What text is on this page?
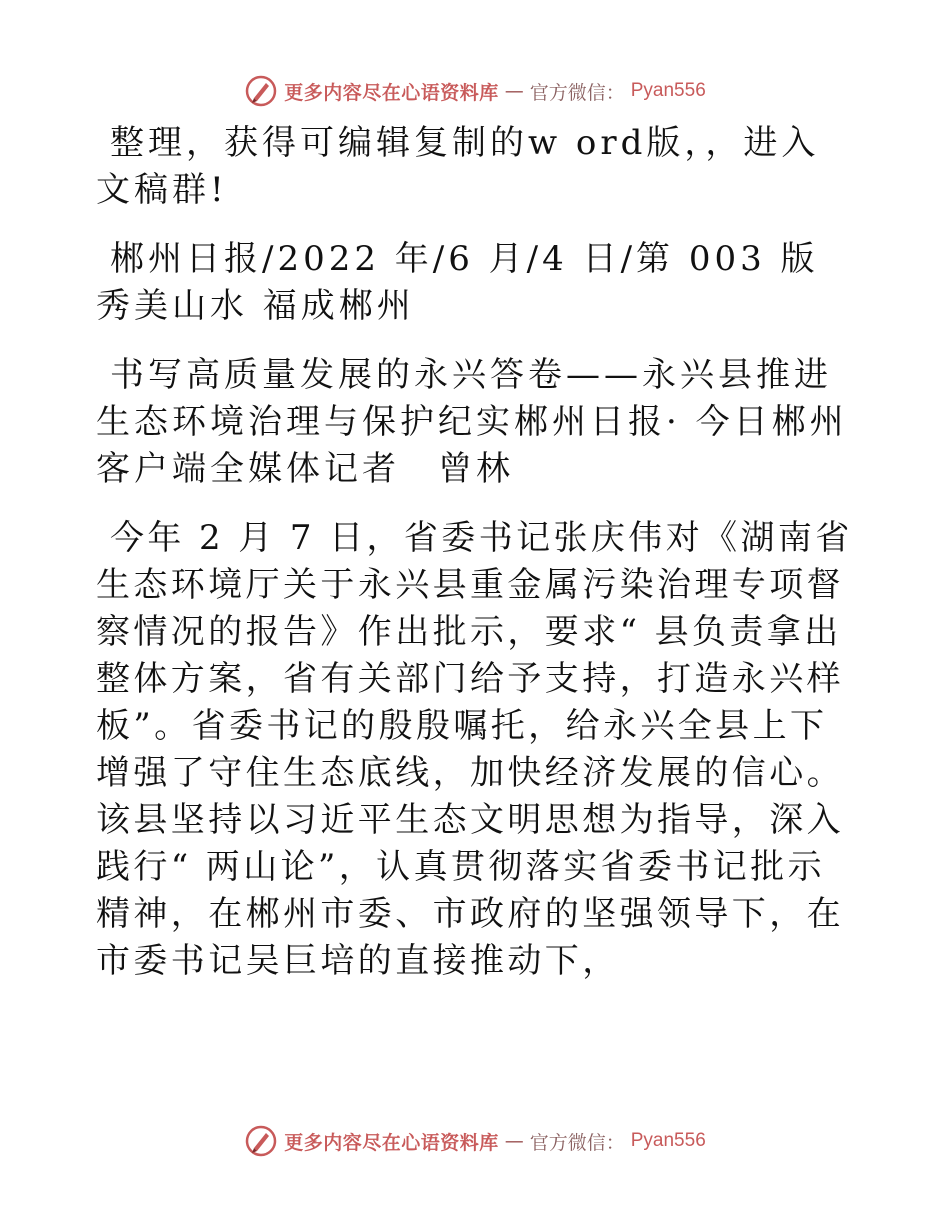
更多内容尽在心语资料库 — 官方微信： Pyan556

整理，获得可编辑复制的w ord版，，进入文稿群!

郴州日报/2022 年/6 月/4 日/第 003 版秀美山水 福成郴州

书写高质量发展的永兴答卷——永兴县推进生态环境治理与保护纪实郴州日报· 今日郴州客户端全媒体记者　曾林

今年 2 月 7 日，省委书记张庆伟对《湖南省生态环境厅关于永兴县重金属污染治理专项督察情况的报告》作出批示，要求“ 县负责拿出整体方案，省有关部门给予支持，打造永兴样板”。省委书记的殷殷嘱托，给永兴全县上下增强了守住生态底线，加快经济发展的信心。该县坚持以习近平生态文明思想为指导，深入践行“ 两山论”，认真贯彻落实省委书记批示精神，在郴州市委、市政府的坚强领导下，在市委书记吴巨培的直接推动下，

更多内容尽在心语资料库 — 官方微信： Pyan556
